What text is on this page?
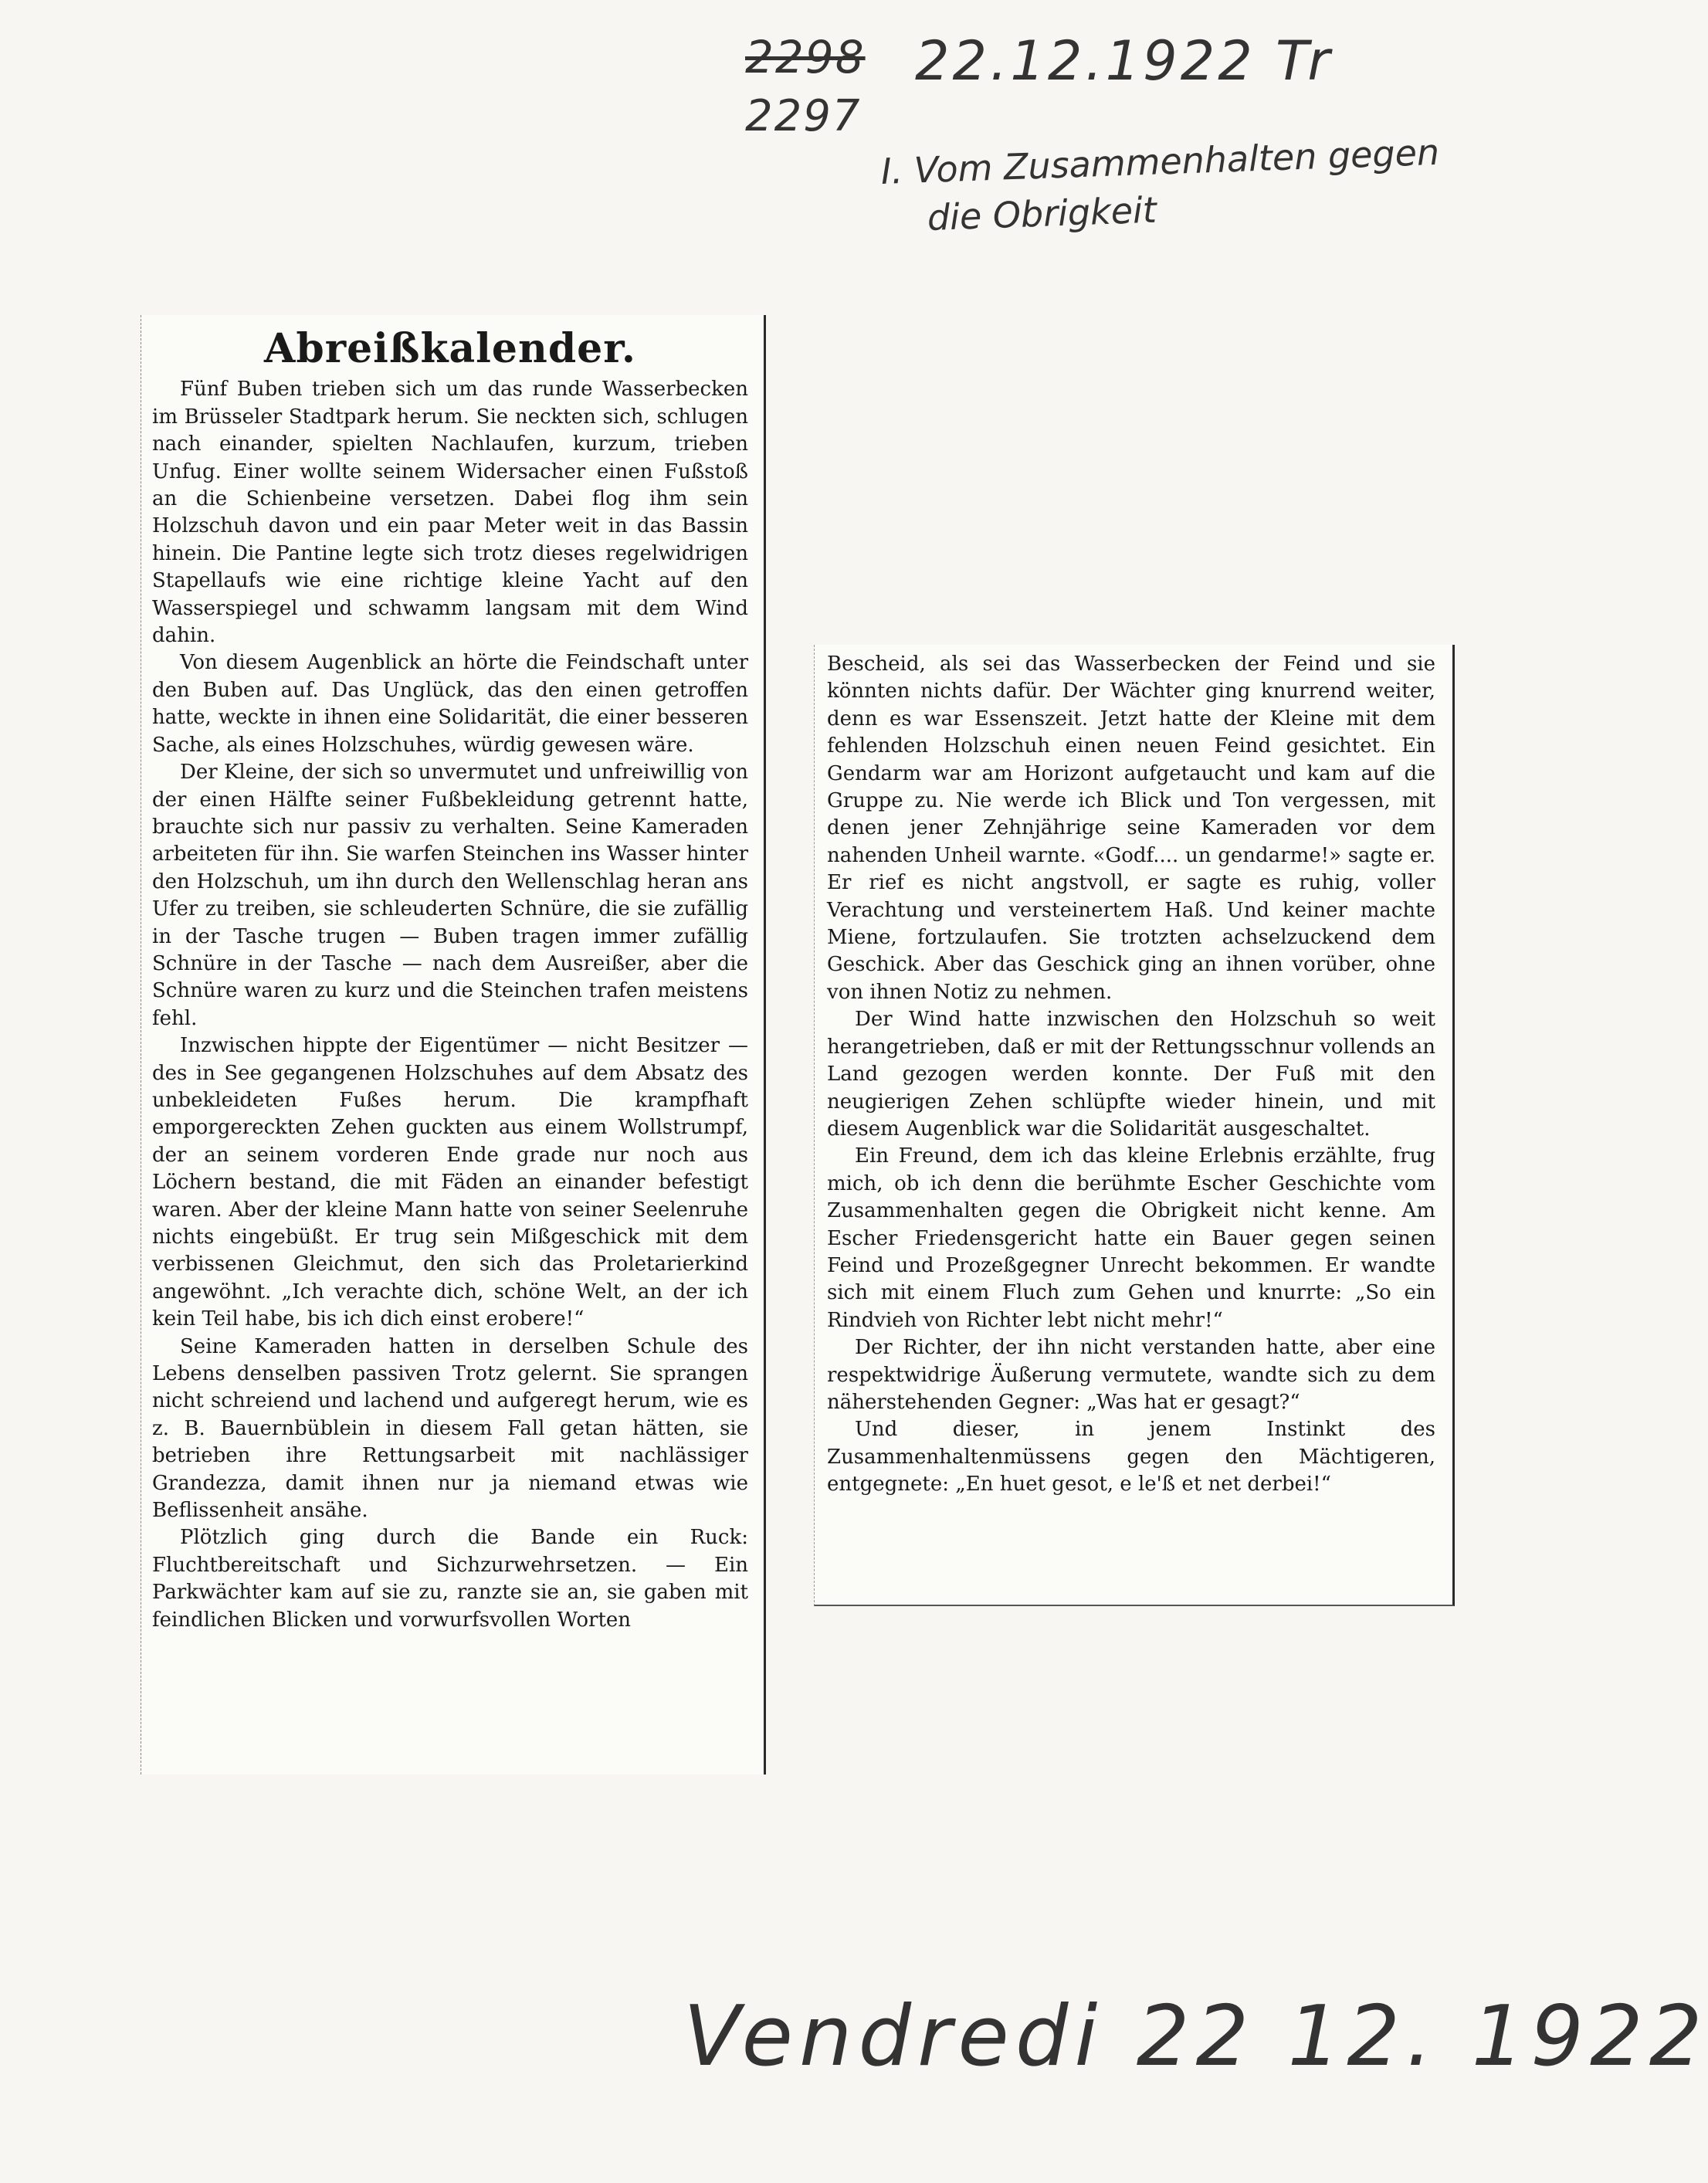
2298 22.12.1922 Tr
2297
I. Vom Zusammenhalten gegen
die Obrigkeit
Abreißkalender.

Fünf Buben trieben sich um das runde Wasserbecken im Brüsseler Stadtpark herum. Sie neckten sich, schlugen nach einander, spielten Nachlaufen, kurzum, trieben Unfug. Einer wollte seinem Widersacher einen Fußstoß an die Schienbeine versetzen. Dabei flog ihm sein Holzschuh davon und ein paar Meter weit in das Bassin hinein. Die Pantine legte sich trotz dieses regelwidrigen Stapellaufs wie eine richtige kleine Yacht auf den Wasserspiegel und schwamm langsam mit dem Wind dahin.

Von diesem Augenblick an hörte die Feindschaft unter den Buben auf. Das Unglück, das den einen getroffen hatte, weckte in ihnen eine Solidarität, die einer besseren Sache, als eines Holzschuhes, würdig gewesen wäre.

Der Kleine, der sich so unvermutet und unfreiwillig von der einen Hälfte seiner Fußbekleidung getrennt hatte, brauchte sich nur passiv zu verhalten. Seine Kameraden arbeiteten für ihn. Sie warfen Steinchen ins Wasser hinter den Holzschuh, um ihn durch den Wellenschlag heran ans Ufer zu treiben, sie schleuderten Schnüre, die sie zufällig in der Tasche trugen — Buben tragen immer zufällig Schnüre in der Tasche — nach dem Ausreißer, aber die Schnüre waren zu kurz und die Steinchen trafen meistens fehl.

Inzwischen hippte der Eigentümer — nicht Besitzer — des in See gegangenen Holzschuhes auf dem Absatz des unbekleideten Fußes herum. Die krampfhaft emporgereckten Zehen guckten aus einem Wollstrumpf, der an seinem vorderen Ende grade nur noch aus Löchern bestand, die mit Fäden an einander befestigt waren. Aber der kleine Mann hatte von seiner Seelenruhe nichts eingebüßt. Er trug sein Mißgeschick mit dem verbissenen Gleichmut, den sich das Proletarierkind angewöhnt. „Ich verachte dich, schöne Welt, an der ich kein Teil habe, bis ich dich einst erobere!“

Seine Kameraden hatten in derselben Schule des Lebens denselben passiven Trotz gelernt. Sie sprangen nicht schreiend und lachend und aufgeregt herum, wie es z. B. Bauernbüblein in diesem Fall getan hätten, sie betrieben ihre Rettungsarbeit mit nachlässiger Grandezza, damit ihnen nur ja niemand etwas wie Beflissenheit ansähe.

Plötzlich ging durch die Bande ein Ruck: Fluchtbereitschaft und Sichzurwehrsetzen. — Ein Parkwächter kam auf sie zu, ranzte sie an, sie gaben mit feindlichen Blicken und vorwurfsvollen Worten

Bescheid, als sei das Wasserbecken der Feind und sie könnten nichts dafür. Der Wächter ging knurrend weiter, denn es war Essenszeit. Jetzt hatte der Kleine mit dem fehlenden Holzschuh einen neuen Feind gesichtet. Ein Gendarm war am Horizont aufgetaucht und kam auf die Gruppe zu. Nie werde ich Blick und Ton vergessen, mit denen jener Zehnjährige seine Kameraden vor dem nahenden Unheil warnte. «Godf.... un gendarme!» sagte er. Er rief es nicht angstvoll, er sagte es ruhig, voller Verachtung und versteinertem Haß. Und keiner machte Miene, fortzulaufen. Sie trotzten achselzuckend dem Geschick. Aber das Geschick ging an ihnen vorüber, ohne von ihnen Notiz zu nehmen.

Der Wind hatte inzwischen den Holzschuh so weit herangetrieben, daß er mit der Rettungsschnur vollends an Land gezogen werden konnte. Der Fuß mit den neugierigen Zehen schlüpfte wieder hinein, und mit diesem Augenblick war die Solidarität ausgeschaltet.

Ein Freund, dem ich das kleine Erlebnis erzählte, frug mich, ob ich denn die berühmte Escher Geschichte vom Zusammenhalten gegen die Obrigkeit nicht kenne. Am Escher Friedensgericht hatte ein Bauer gegen seinen Feind und Prozeßgegner Unrecht bekommen. Er wandte sich mit einem Fluch zum Gehen und knurrte: „So ein Rindvieh von Richter lebt nicht mehr!“

Der Richter, der ihn nicht verstanden hatte, aber eine respektwidrige Äußerung vermutete, wandte sich zu dem näherstehenden Gegner: „Was hat er gesagt?“

Und dieser, in jenem Instinkt des Zusammenhaltenmüssens gegen den Mächtigeren, entgegnete: „En huet gesot, e le'ß et net derbei!“

Vendredi 22 12. 1922
